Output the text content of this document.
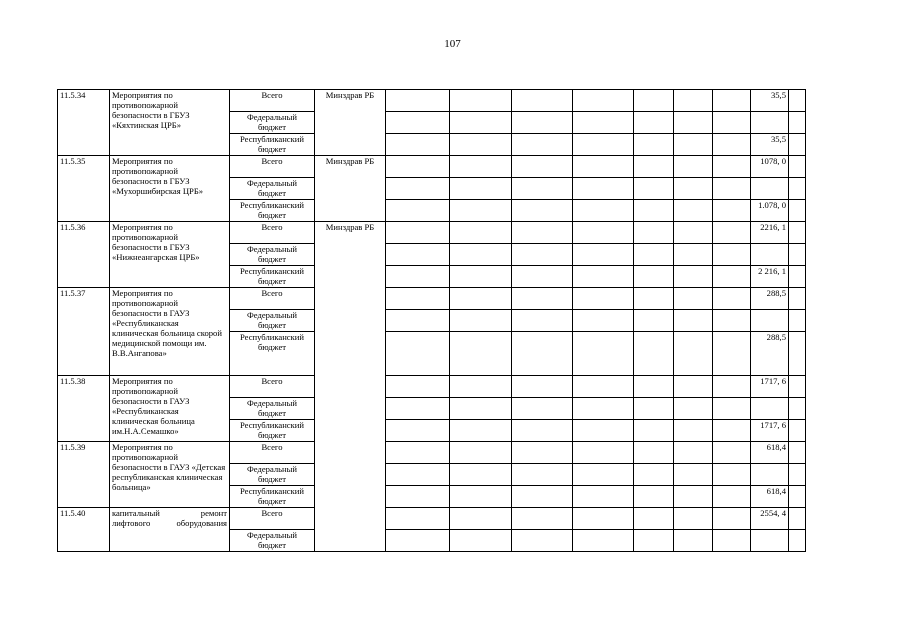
107
11.5.34	Мероприятия по противопожарной безопасности в ГБУЗ «Кяхтинская ЦРБ»	Всего	Минздрав РБ								35,5		
		Федеральный бюджет											
		Республиканский бюджет									35,5		
11.5.35	Мероприятия по противопожарной безопасности в ГБУЗ «Мухоршибирская ЦРБ»	Всего	Минздрав РБ								1078, 0		
		Федеральный бюджет											
		Республиканский бюджет									1.078, 0		
11.5.36	Мероприятия по противопожарной безопасности в ГБУЗ «Нижнеангарская ЦРБ»	Всего	Минздрав РБ								2216, 1		
		Федеральный бюджет											
		Республиканский бюджет									2 216, 1		
11.5.37	Мероприятия по противопожарной безопасности в ГАУЗ «Республиканская клиническая больница скорой медицинской помощи им. В.В.Ангапова»	Всего									288,5		
		Федеральный бюджет											
		Республиканский бюджет									288,5		
11.5.38	Мероприятия по противопожарной безопасности в ГАУЗ «Республиканская клиническая больница им.Н.А.Семашко»	Всего									1717, 6		
		Федеральный бюджет											
		Республиканский бюджет									1717, 6		
11.5.39	Мероприятия по противопожарной безопасности в ГАУЗ «Детская республиканская клиническая больница»	Всего									618,4		
		Федеральный бюджет											
		Республиканский бюджет									618,4		
11.5.40	капитальный ремонт лифтового оборудования	Всего									2554, 4		
		Федеральный бюджет											
